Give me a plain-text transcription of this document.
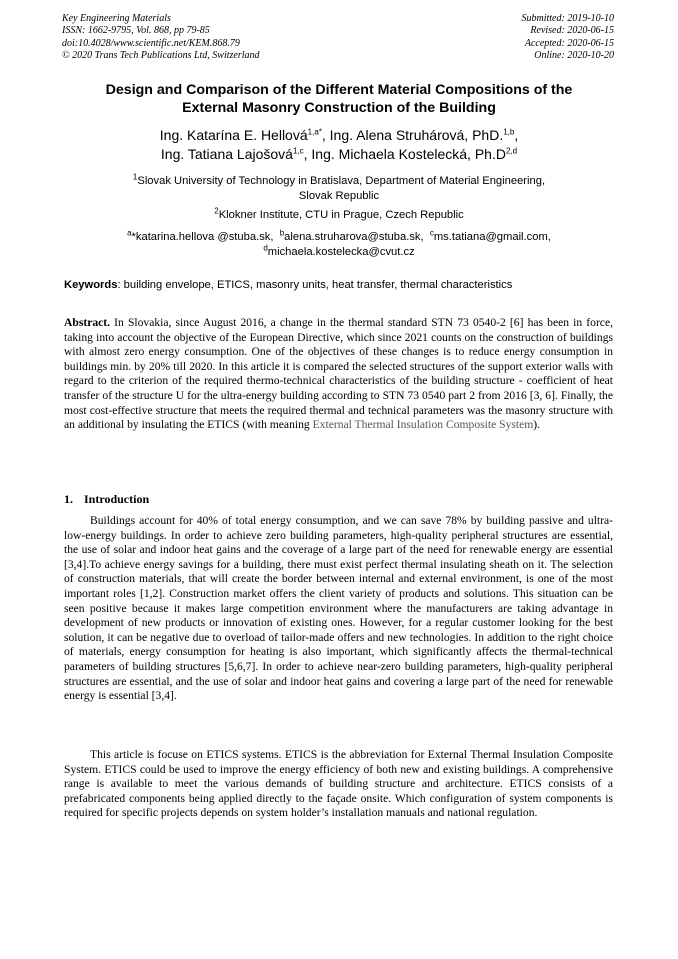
Key Engineering Materials
ISSN: 1662-9795, Vol. 868, pp 79-85
doi:10.4028/www.scientific.net/KEM.868.79
© 2020 Trans Tech Publications Ltd, Switzerland
Submitted: 2019-10-10
Revised: 2020-06-15
Accepted: 2020-06-15
Online: 2020-10-20
Design and Comparison of the Different Material Compositions of the
External Masonry Construction of the Building
Ing. Katarína E. Hellová$^{1,a*}$, Ing. Alena Struhárová, PhD.$^{1,b}$,
Ing. Tatiana Lajošová$^{1,c}$, Ing. Michaela Kostelecká, $Ph.D^{2,d}$
$^1$Slovak University of Technology in Bratislava, Department of Material Engineering,
Slovak Republic
$^2$Klokner Institute, CTU in Prague, Czech Republic
$^a$*katarina.hellova @stuba.sk, $^b$alena.struharova@stuba.sk, $^c$ms.tatiana@gmail.com,
$^d$michaela.kostelecka@cvut.cz
Keywords: building envelope, ETICS, masonry units, heat transfer, thermal characteristics
Abstract. In Slovakia, since August 2016, a change in the thermal standard STN 73 0540-2 [6] has been in force, taking into account the objective of the European Directive, which since 2021 counts on the construction of buildings with almost zero energy consumption. One of the objectives of these changes is to reduce energy consumption in buildings min. by 20% till 2020. In this article it is compared the selected structures of the support exterior walls with regard to the criterion of the required thermo-technical characteristics of the building structure - coefficient of heat transfer of the structure U for the ultra-energy building according to STN 73 0540 part 2 from 2016 [3, 6]. Finally, the most cost-effective structure that meets the required thermal and technical parameters was the masonry structure with an additional by insulating the ETICS (with meaning External Thermal Insulation Composite System).
1. Introduction

Buildings account for 40% of total energy consumption, and we can save 78% by building passive and ultra-low-energy buildings. In order to achieve zero building parameters, high-quality peripheral structures are essential, the use of solar and indoor heat gains and the coverage of a large part of the need for renewable energy are essential [3,4].To achieve energy savings for a building, there must exist perfect thermal insulating sheath on it. The selection of construction materials, that will create the border between internal and external environment, is one of the most important roles [1,2]. Construction market offers the client variety of products and solutions. This situation can be seen positive because it makes large competition environment where the manufacturers are taking advantage in development of new products or innovation of existing ones. However, for a regular customer looking for the best solution, it can be negative due to overload of tailor-made offers and new technologies. In addition to the right choice of materials, energy consumption for heating is also important, which significantly affects the thermal-technical parameters of building structures [5,6,7]. In order to achieve near-zero building parameters, high-quality peripheral structures are essential, and the use of solar and indoor heat gains and covering a large part of the need for renewable energy is essential [3,4].

This article is focuse on ETICS systems. ETICS is the abbreviation for External Thermal Insulation Composite System. ETICS could be used to improve the energy efficiency of both new and existing buildings. A comprehensive range is available to meet the various demands of building structure and architecture. ETICS consists of a prefabricated components being applied directly to the façade onsite. Which configuration of system components is required for specific projects depends on system holder’s installation manuals and national regulation.
